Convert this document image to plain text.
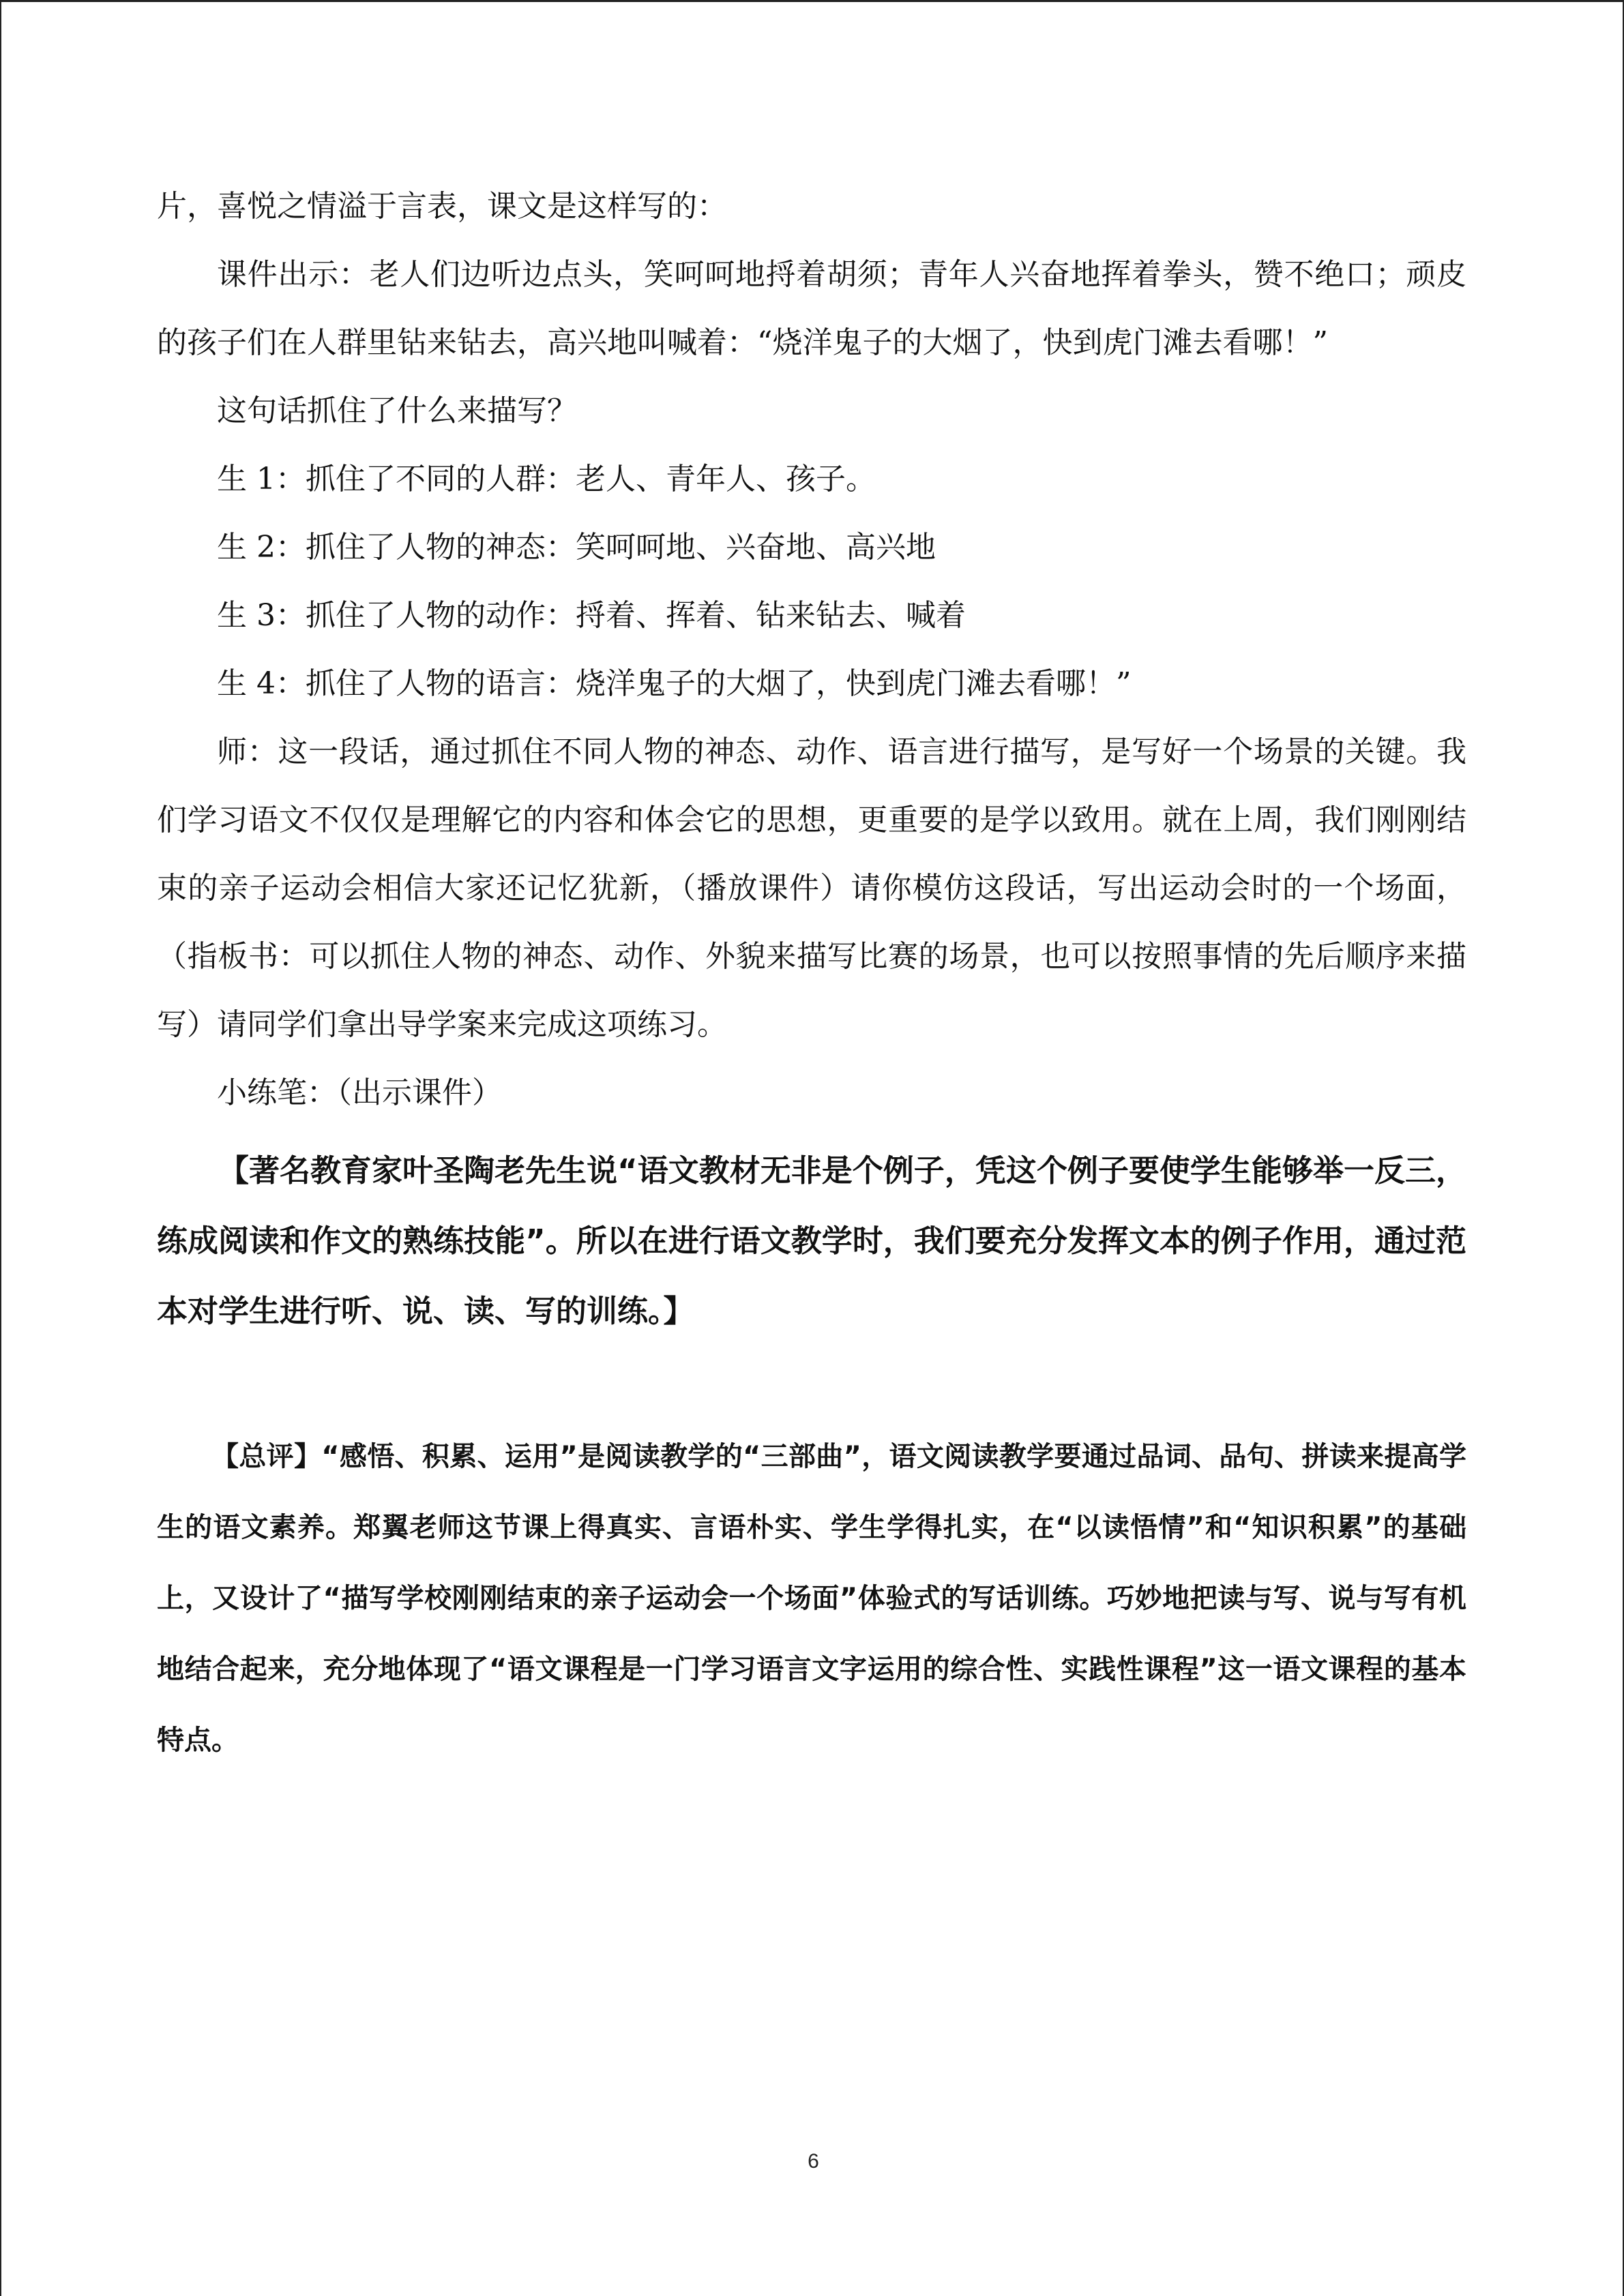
片，喜悦之情溢于言表，课文是这样写的：

课件出示：老人们边听边点头，笑呵呵地捋着胡须；青年人兴奋地挥着拳头，赞不绝口；顽皮的孩子们在人群里钻来钻去，高兴地叫喊着：“烧洋鬼子的大烟了，快到虎门滩去看哪！”

这句话抓住了什么来描写？

生 1：抓住了不同的人群：老人、青年人、孩子。

生 2：抓住了人物的神态：笑呵呵地、兴奋地、高兴地

生 3：抓住了人物的动作：捋着、挥着、钻来钻去、喊着

生 4：抓住了人物的语言：烧洋鬼子的大烟了，快到虎门滩去看哪！”

师：这一段话，通过抓住不同人物的神态、动作、语言进行描写，是写好一个场景的关键。我们学习语文不仅仅是理解它的内容和体会它的思想，更重要的是学以致用。就在上周，我们刚刚结束的亲子运动会相信大家还记忆犹新，（播放课件）请你模仿这段话，写出运动会时的一个场面，（指板书：可以抓住人物的神态、动作、外貌来描写比赛的场景，也可以按照事情的先后顺序来描写）请同学们拿出导学案来完成这项练习。

小练笔：（出示课件）

【著名教育家叶圣陶老先生说“语文教材无非是个例子，凭这个例子要使学生能够举一反三，练成阅读和作文的熟练技能”。所以在进行语文教学时，我们要充分发挥文本的例子作用，通过范本对学生进行听、说、读、写的训练。】

【总评】“感悟、积累、运用”是阅读教学的“三部曲”，语文阅读教学要通过品词、品句、拼读来提高学生的语文素养。郑翼老师这节课上得真实、言语朴实、学生学得扎实，在“以读悟情”和“知识积累”的基础上，又设计了“描写学校刚刚结束的亲子运动会一个场面”体验式的写话训练。巧妙地把读与写、说与写有机地结合起来，充分地体现了“语文课程是一门学习语言文字运用的综合性、实践性课程”这一语文课程的基本特点。

6
